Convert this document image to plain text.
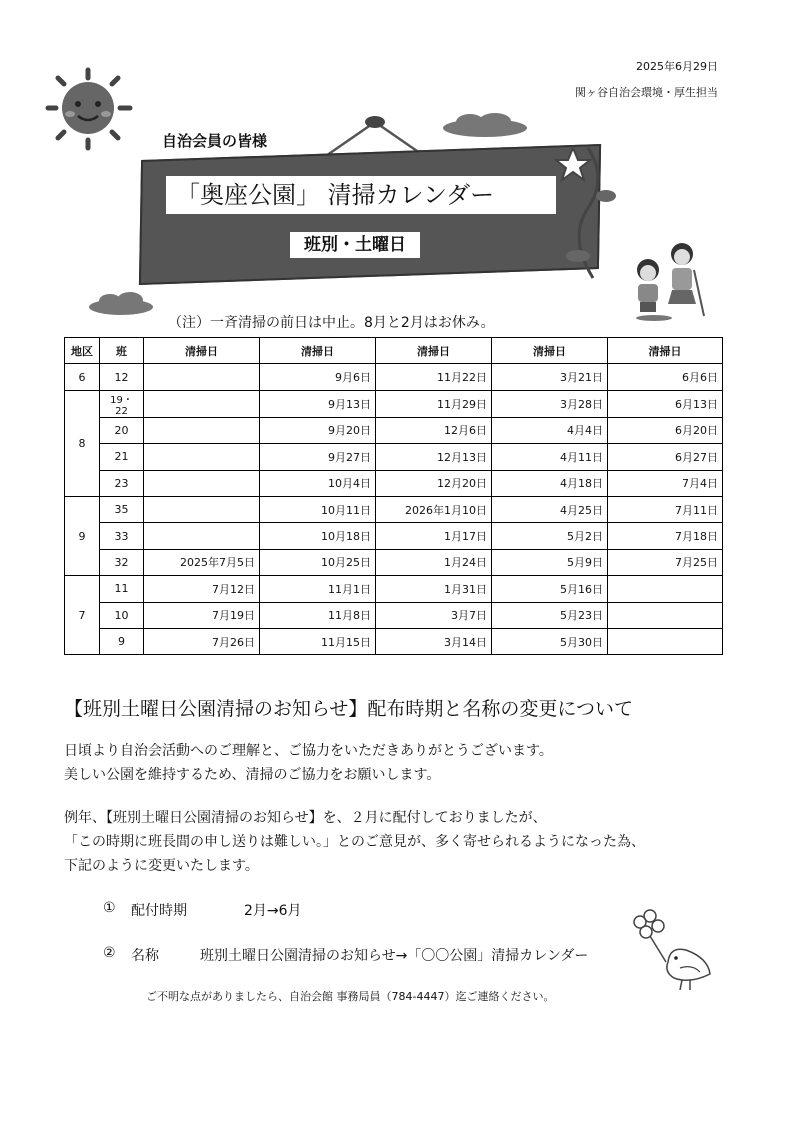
2025年6月29日
関ヶ谷自治会環境・厚生担当
自治会員の皆様
「奥座公園」 清掃カレンダー
班別・土曜日
（注）一斉清掃の前日は中止。8月と2月はお休み。
地区	班	清掃日	清掃日	清掃日	清掃日	清掃日
6	12		9月6日	11月22日	3月21日	6月6日
8	19・22		9月13日	11月29日	3月28日	6月13日
	20		9月20日	12月6日	4月4日	6月20日
	21		9月27日	12月13日	4月11日	6月27日
	23		10月4日	12月20日	4月18日	7月4日
9	35		10月11日	2026年1月10日	4月25日	7月11日
	33		10月18日	1月17日	5月2日	7月18日
	32	2025年7月5日	10月25日	1月24日	5月9日	7月25日
7	11	7月12日	11月1日	1月31日	5月16日	
	10	7月19日	11月8日	3月7日	5月23日	
	9	7月26日	11月15日	3月14日	5月30日	
【班別土曜日公園清掃のお知らせ】配布時期と名称の変更について
日頃より自治会活動へのご理解と、ご協力をいただきありがとうございます。
美しい公園を維持するため、清掃のご協力をお願いします。
例年、【班別土曜日公園清掃のお知らせ】を、２月に配付しておりましたが、
「この時期に班長間の申し送りは難しい。」とのご意見が、多く寄せられるようになった為、
下記のように変更いたします。
① 配付時期	2月→6月
② 名称	班別土曜日公園清掃のお知らせ→「〇〇公園」清掃カレンダー
ご不明な点がありましたら、自治会館 事務局員（784-4447）迄ご連絡ください。
